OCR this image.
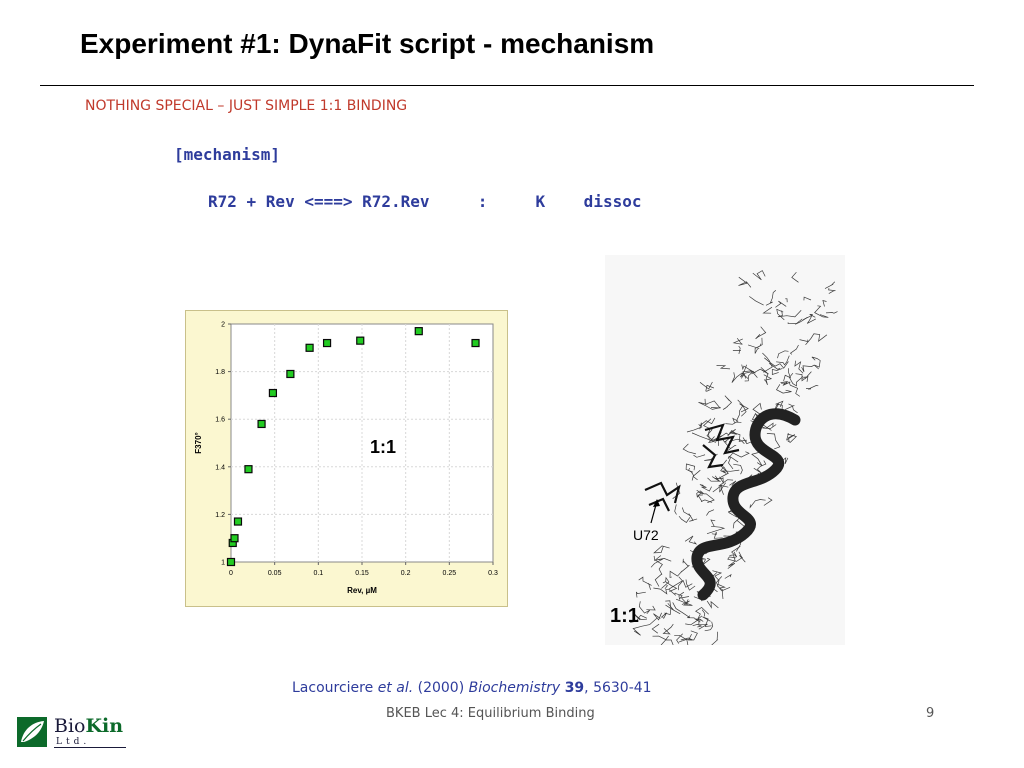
Experiment #1: DynaFit script - mechanism
NOTHING SPECIAL – JUST SIMPLE 1:1 BINDING
[mechanism]
R72 + Rev <===> R72.Rev     :     K    dissoc
0	0.05	0.1	0.15	0.2	0.25	0.3
1
1.2
1.4
1.6
1.8
2
Rev, µM
F370°	1:1
U72
1:1
Lacourciere et al. (2000) Biochemistry 39, 5630-41
BKEB Lec 4: Equilibrium Binding	9
BioKin
Ltd.
